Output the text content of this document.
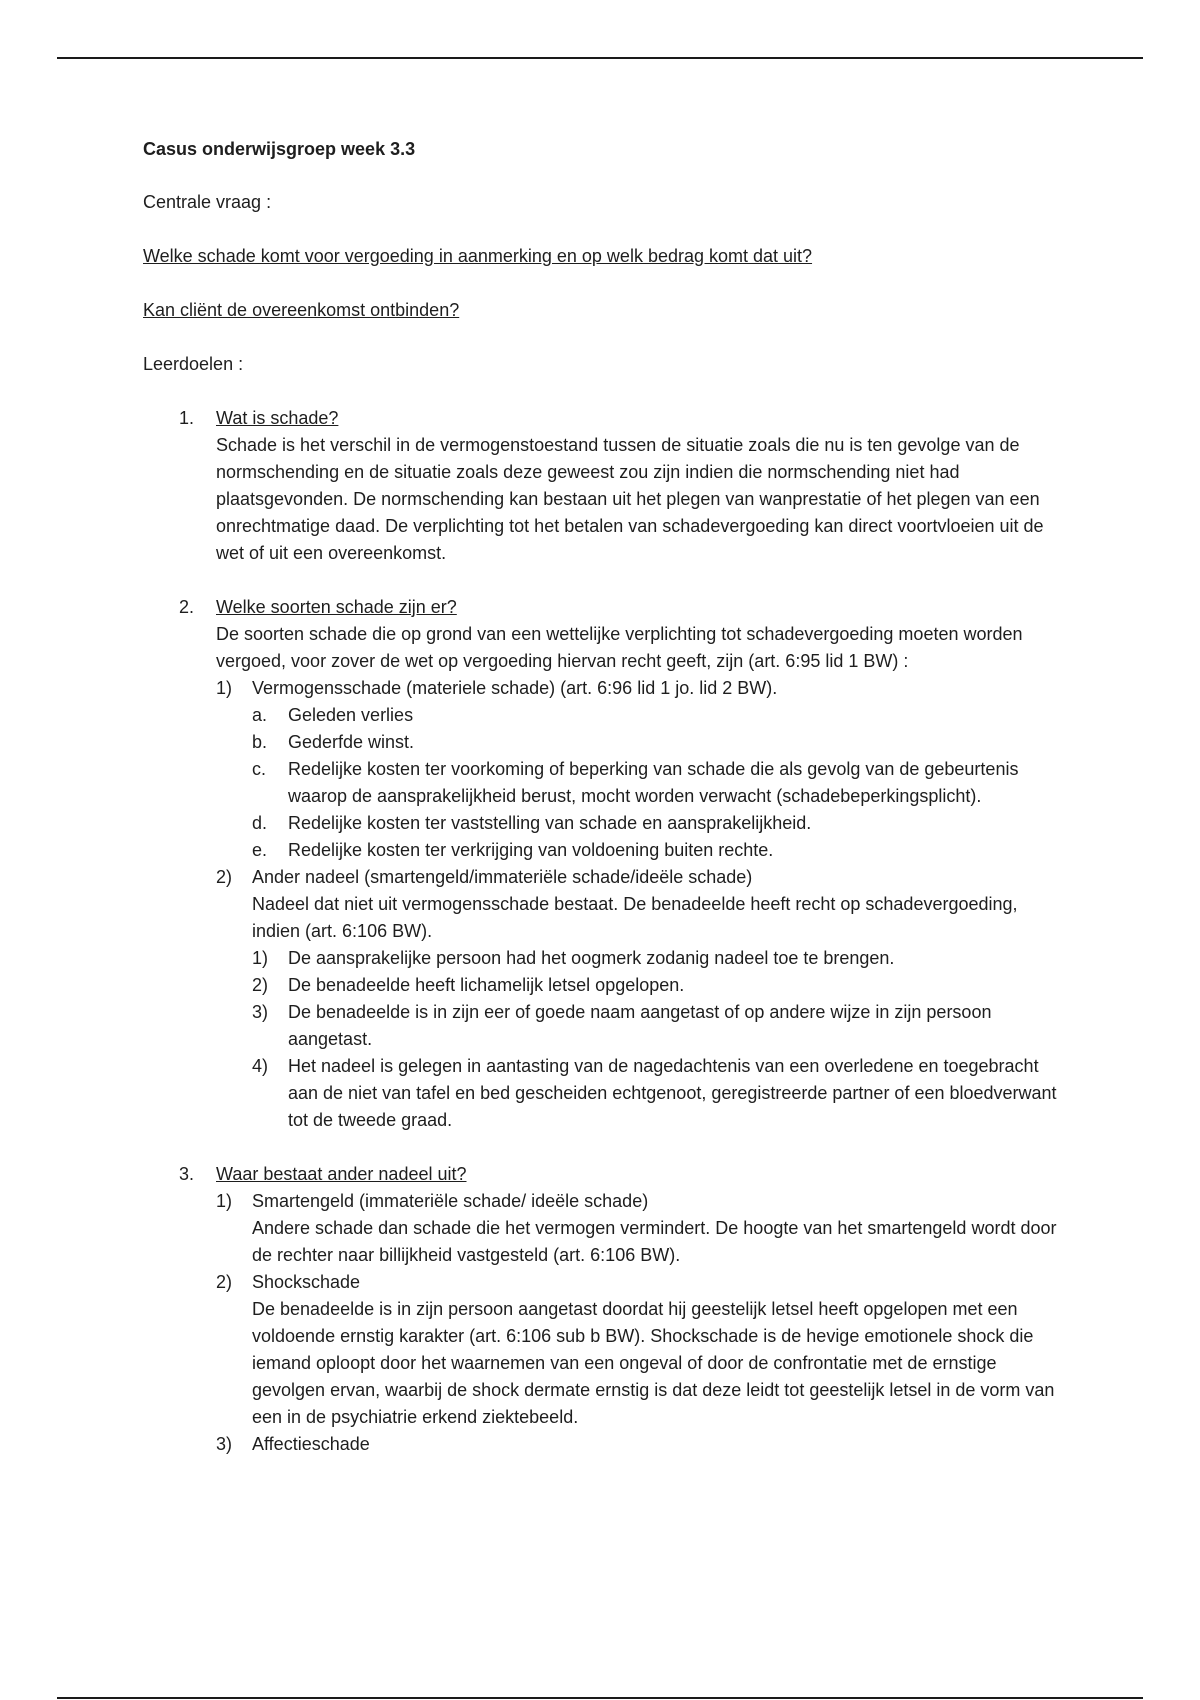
Casus onderwijsgroep week 3.3
Centrale vraag :
Welke schade komt voor vergoeding in aanmerking en op welk bedrag komt dat uit?
Kan cliënt de overeenkomst ontbinden?
Leerdoelen :
1. Wat is schade?
Schade is het verschil in de vermogenstoestand tussen de situatie zoals die nu is ten gevolge van de normschending en de situatie zoals deze geweest zou zijn indien die normschending niet had plaatsgevonden. De normschending kan bestaan uit het plegen van wanprestatie of het plegen van een onrechtmatige daad. De verplichting tot het betalen van schadevergoeding kan direct voortvloeien uit de wet of uit een overeenkomst.
2. Welke soorten schade zijn er?
De soorten schade die op grond van een wettelijke verplichting tot schadevergoeding moeten worden vergoed, voor zover de wet op vergoeding hiervan recht geeft, zijn (art. 6:95 lid 1 BW) :
1) Vermogensschade (materiele schade) (art. 6:96 lid 1 jo. lid 2 BW).
a. Geleden verlies
b. Gederfde winst.
c. Redelijke kosten ter voorkoming of beperking van schade die als gevolg van de gebeurtenis waarop de aansprakelijkheid berust, mocht worden verwacht (schadebeperkingsplicht).
d. Redelijke kosten ter vaststelling van schade en aansprakelijkheid.
e. Redelijke kosten ter verkrijging van voldoening buiten rechte.
2) Ander nadeel (smartengeld/immateriële schade/ideële schade)
Nadeel dat niet uit vermogensschade bestaat. De benadeelde heeft recht op schadevergoeding, indien (art. 6:106 BW).
1) De aansprakelijke persoon had het oogmerk zodanig nadeel toe te brengen.
2) De benadeelde heeft lichamelijk letsel opgelopen.
3) De benadeelde is in zijn eer of goede naam aangetast of op andere wijze in zijn persoon aangetast.
4) Het nadeel is gelegen in aantasting van de nagedachtenis van een overledene en toegebracht aan de niet van tafel en bed gescheiden echtgenoot, geregistreerde partner of een bloedverwant tot de tweede graad.
3. Waar bestaat ander nadeel uit?
1) Smartengeld (immateriële schade/ ideële schade)
Andere schade dan schade die het vermogen vermindert. De hoogte van het smartengeld wordt door de rechter naar billijkheid vastgesteld (art. 6:106 BW).
2) Shockschade
De benadeelde is in zijn persoon aangetast doordat hij geestelijk letsel heeft opgelopen met een voldoende ernstig karakter (art. 6:106 sub b BW). Shockschade is de hevige emotionele shock die iemand oploopt door het waarnemen van een ongeval of door de confrontatie met de ernstige gevolgen ervan, waarbij de shock dermate ernstig is dat deze leidt tot geestelijk letsel in de vorm van een in de psychiatrie erkend ziektebeeld.
3) Affectieschade
